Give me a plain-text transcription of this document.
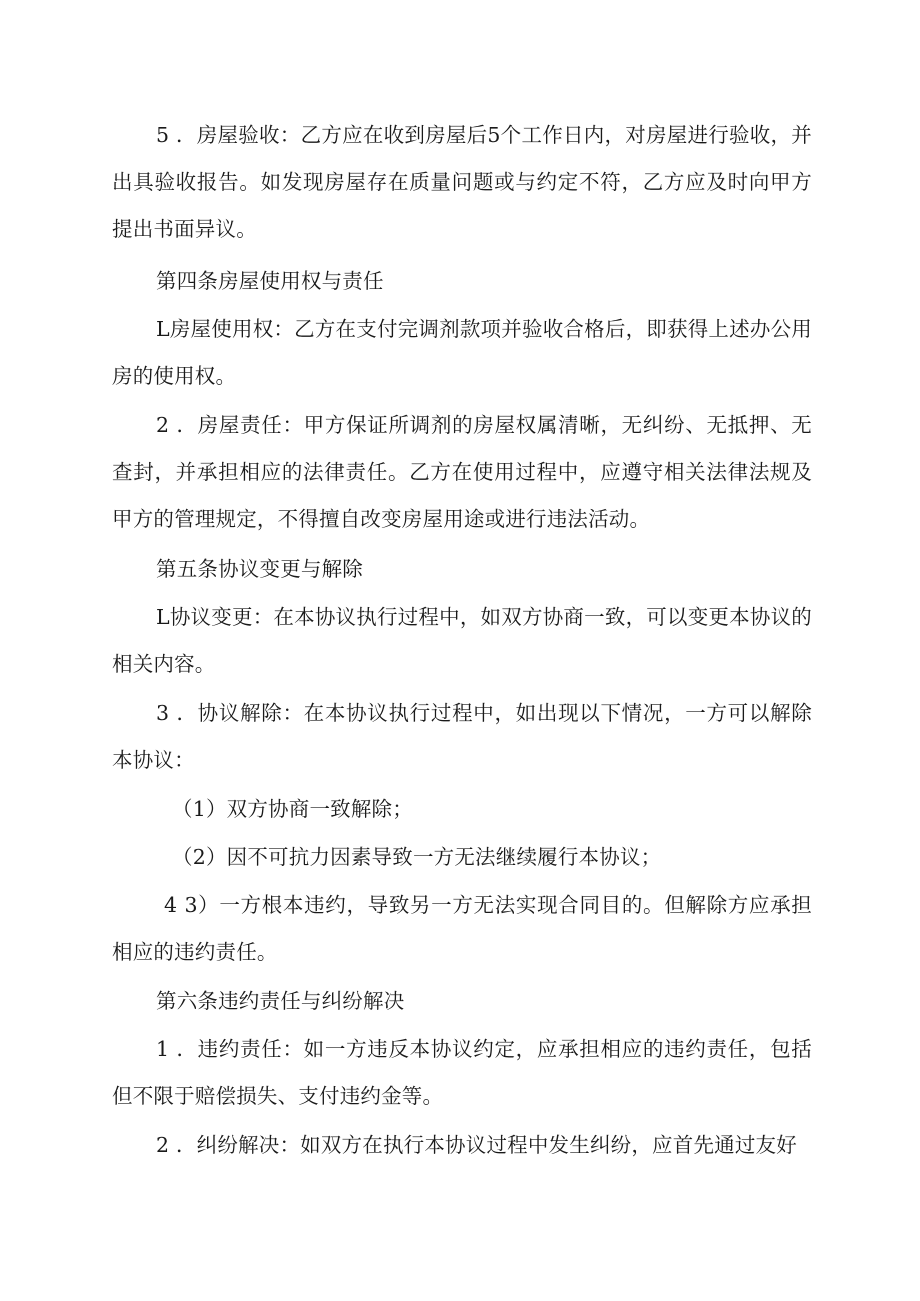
5 ．房屋验收：乙方应在收到房屋后5个工作日内，对房屋进行验收，并出具验收报告。如发现房屋存在质量问题或与约定不符，乙方应及时向甲方提出书面异议。

第四条房屋使用权与责任

L房屋使用权：乙方在支付完调剂款项并验收合格后，即获得上述办公用房的使用权。

2 ．房屋责任：甲方保证所调剂的房屋权属清晰，无纠纷、无抵押、无查封，并承担相应的法律责任。乙方在使用过程中，应遵守相关法律法规及甲方的管理规定，不得擅自改变房屋用途或进行违法活动。

第五条协议变更与解除

L协议变更：在本协议执行过程中，如双方协商一致，可以变更本协议的相关内容。

3 ．协议解除：在本协议执行过程中，如出现以下情况，一方可以解除本协议：

（1）双方协商一致解除；

（2）因不可抗力因素导致一方无法继续履行本协议；

4 3）一方根本违约，导致另一方无法实现合同目的。但解除方应承担相应的违约责任。

第六条违约责任与纠纷解决

1 ．违约责任：如一方违反本协议约定，应承担相应的违约责任，包括但不限于赔偿损失、支付违约金等。

2 ．纠纷解决：如双方在执行本协议过程中发生纠纷，应首先通过友好
